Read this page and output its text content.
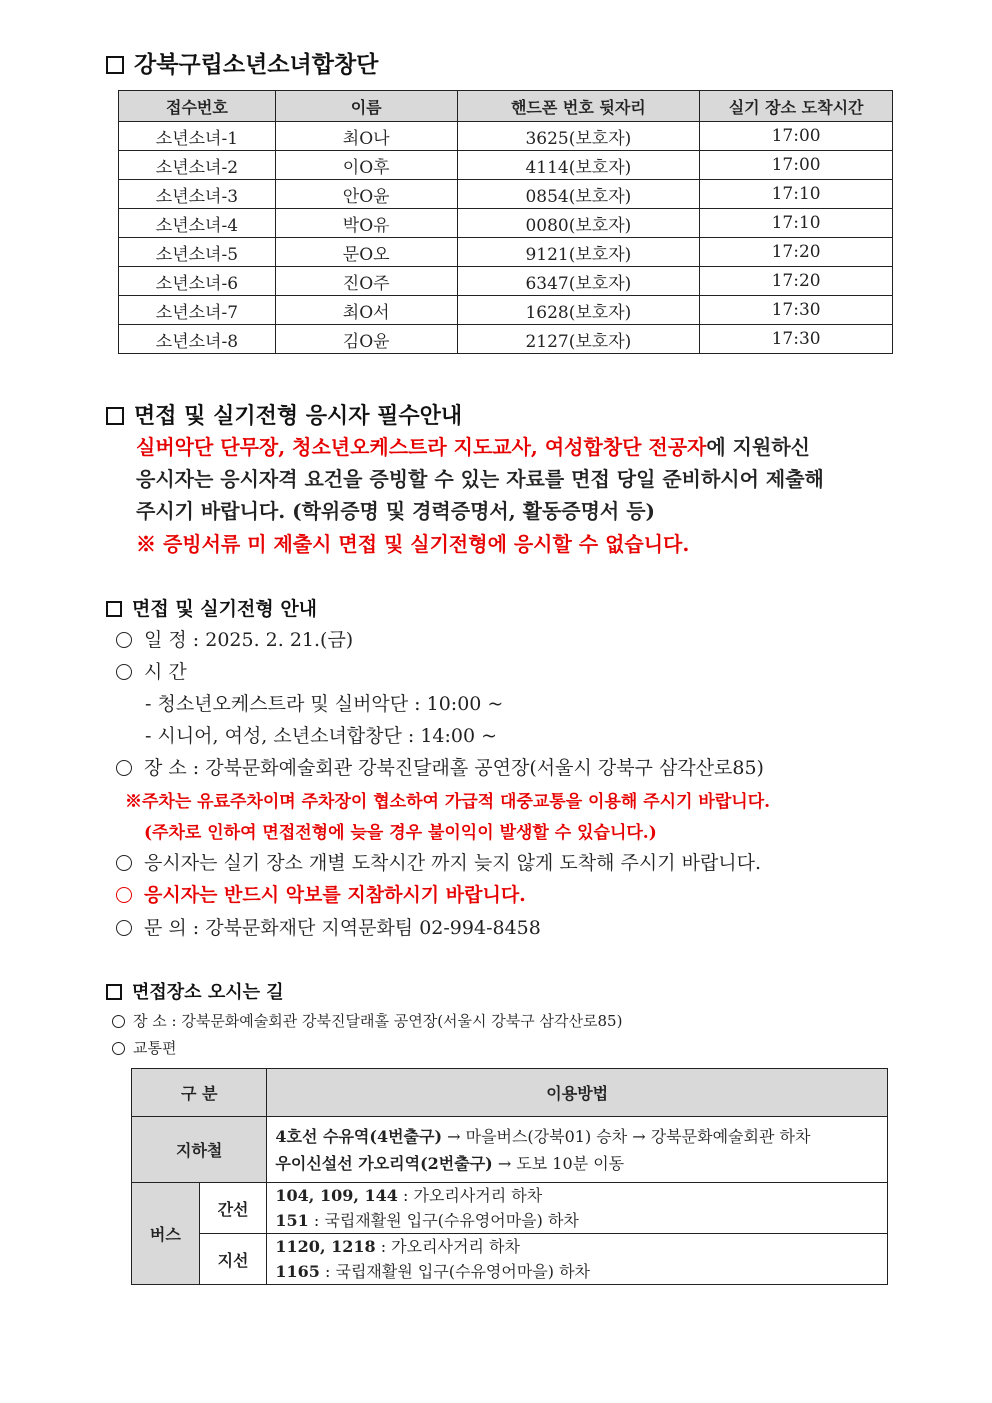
강북구립소년소녀합창단
접수번호	이름	핸드폰 번호 뒷자리	실기 장소 도착시간
소년소녀-1	최O나	3625(보호자)	17:00
소년소녀-2	이O후	4114(보호자)	17:00
소년소녀-3	안O윤	0854(보호자)	17:10
소년소녀-4	박O유	0080(보호자)	17:10
소년소녀-5	문O오	9121(보호자)	17:20
소년소녀-6	진O주	6347(보호자)	17:20
소년소녀-7	최O서	1628(보호자)	17:30
소년소녀-8	김O윤	2127(보호자)	17:30
면접 및 실기전형 응시자 필수안내
실버악단 단무장, 청소년오케스트라 지도교사, 여성합창단 전공자에 지원하신
응시자는 응시자격 요건을 증빙할 수 있는 자료를 면접 당일 준비하시어 제출해
주시기 바랍니다. (학위증명 및 경력증명서, 활동증명서 등)
※ 증빙서류 미 제출시 면접 및 실기전형에 응시할 수 없습니다.
면접 및 실기전형 안내
일 정 : 2025. 2. 21.(금)
시 간
- 청소년오케스트라 및 실버악단 : 10:00 ~
- 시니어, 여성, 소년소녀합창단 : 14:00 ~
장 소 : 강북문화예술회관 강북진달래홀 공연장(서울시 강북구 삼각산로85)
※주차는 유료주차이며 주차장이 협소하여 가급적 대중교통을 이용해 주시기 바랍니다.
(주차로 인하여 면접전형에 늦을 경우 불이익이 발생할 수 있습니다.)
응시자는 실기 장소 개별 도착시간 까지 늦지 않게 도착해 주시기 바랍니다.
응시자는 반드시 악보를 지참하시기 바랍니다.
문 의 : 강북문화재단 지역문화팀 02-994-8458
면접장소 오시는 길
장 소 : 강북문화예술회관 강북진달래홀 공연장(서울시 강북구 삼각산로85)
교통편
구 분		이용방법
지하철		4호선 수유역(4번출구) → 마을버스(강북01) 승차 → 강북문화예술회관 하차
우이신설선 가오리역(2번출구) → 도보 10분 이동

버스	간선	104, 109, 144 : 가오리사거리 하차
151 : 국립재활원 입구(수유영어마을) 하차

	지선	1120, 1218 : 가오리사거리 하차
1165 : 국립재활원 입구(수유영어마을) 하차
